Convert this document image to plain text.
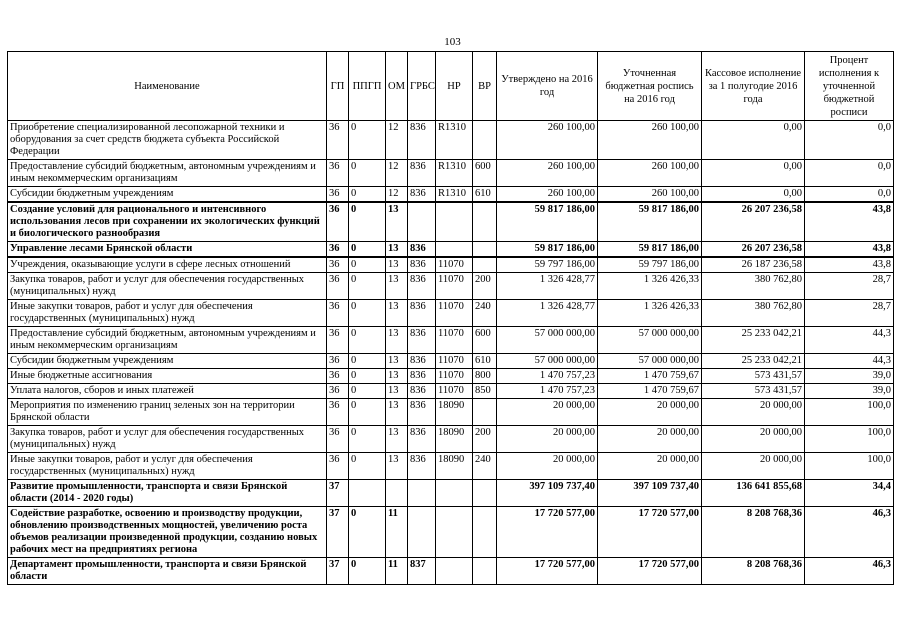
103
Наименование	ГП	ППГП	ОМ	ГРБС	НР	ВР	Утверждено на 2016 год	Уточненная бюджетная роспись на 2016 год	Кассовое исполнение за 1 полугодие 2016 года	Процент исполнения к уточненной бюджетной росписи
Приобретение специализированной лесопожарной техники и оборудования за счет средств бюджета субъекта Российской Федерации	36	0	12	836	R1310		260 100,00	260 100,00	0,00	0,0
Предоставление субсидий бюджетным, автономным учреждениям и иным некоммерческим организациям	36	0	12	836	R1310	600	260 100,00	260 100,00	0,00	0,0
Субсидии бюджетным учреждениям	36	0	12	836	R1310	610	260 100,00	260 100,00	0,00	0,0
Создание условий для рационального и интенсивного использования лесов при сохранении их экологических функций и биологического разнообразия	36	0	13				59 817 186,00	59 817 186,00	26 207 236,58	43,8
Управление лесами Брянской области	36	0	13	836			59 817 186,00	59 817 186,00	26 207 236,58	43,8
Учреждения, оказывающие услуги в сфере лесных отношений	36	0	13	836	11070		59 797 186,00	59 797 186,00	26 187 236,58	43,8
Закупка товаров, работ и услуг для обеспечения государственных (муниципальных) нужд	36	0	13	836	11070	200	1 326 428,77	1 326 426,33	380 762,80	28,7
Иные закупки товаров, работ и услуг для обеспечения государственных (муниципальных) нужд	36	0	13	836	11070	240	1 326 428,77	1 326 426,33	380 762,80	28,7
Предоставление субсидий бюджетным, автономным учреждениям и иным некоммерческим организациям	36	0	13	836	11070	600	57 000 000,00	57 000 000,00	25 233 042,21	44,3
Субсидии бюджетным учреждениям	36	0	13	836	11070	610	57 000 000,00	57 000 000,00	25 233 042,21	44,3
Иные бюджетные ассигнования	36	0	13	836	11070	800	1 470 757,23	1 470 759,67	573 431,57	39,0
Уплата налогов, сборов и иных платежей	36	0	13	836	11070	850	1 470 757,23	1 470 759,67	573 431,57	39,0
Мероприятия по изменению границ зеленых зон на территории Брянской области	36	0	13	836	18090		20 000,00	20 000,00	20 000,00	100,0
Закупка товаров, работ и услуг для обеспечения государственных (муниципальных) нужд	36	0	13	836	18090	200	20 000,00	20 000,00	20 000,00	100,0
Иные закупки товаров, работ и услуг для обеспечения государственных (муниципальных) нужд	36	0	13	836	18090	240	20 000,00	20 000,00	20 000,00	100,0
Развитие промышленности, транспорта и связи Брянской области (2014 - 2020 годы)	37						397 109 737,40	397 109 737,40	136 641 855,68	34,4
Содействие разработке, освоению и производству продукции, обновлению производственных мощностей, увеличению роста объемов реализации произведенной продукции, созданию новых рабочих мест на предприятиях региона	37	0	11				17 720 577,00	17 720 577,00	8 208 768,36	46,3
Департамент промышленности, транспорта и связи Брянской области	37	0	11	837			17 720 577,00	17 720 577,00	8 208 768,36	46,3
